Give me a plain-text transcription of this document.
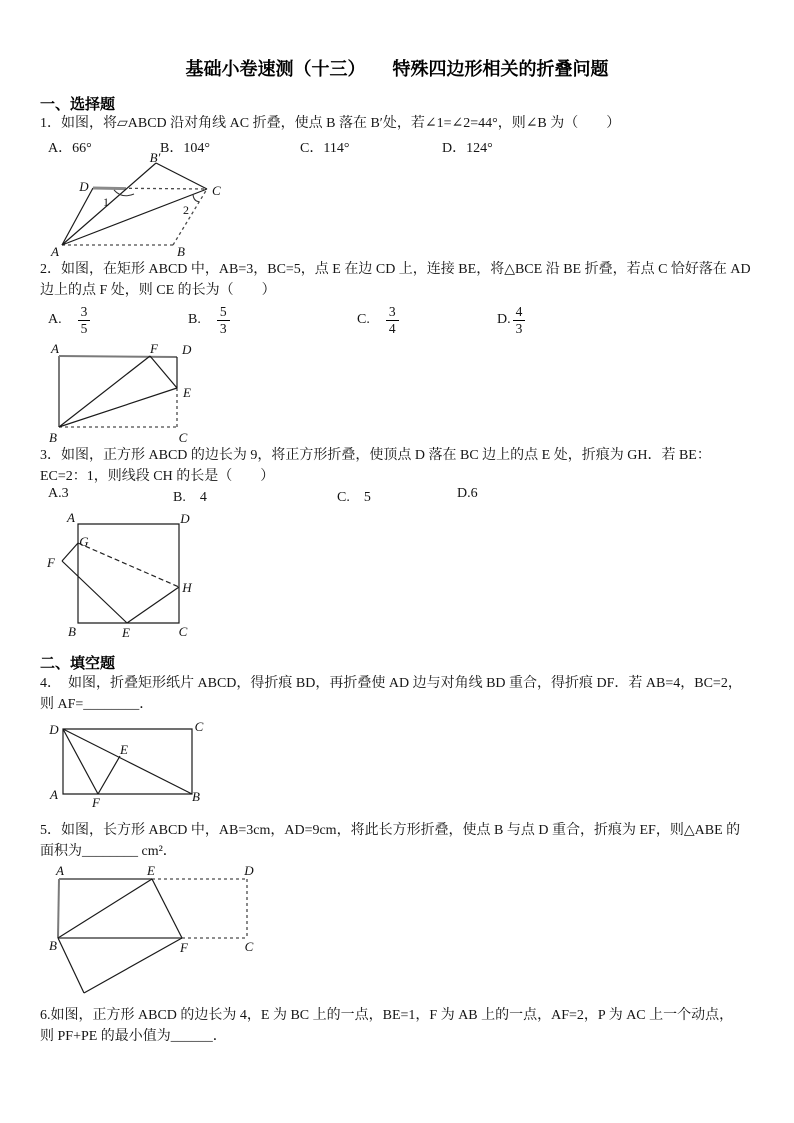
基础小卷速测（十三）　　特殊四边形相关的折叠问题
一、选择题
1．如图，将▱ABCD 沿对角线 AC 折叠，使点 B 落在 B′处，若∠1=∠2=44°，则∠B 为（　　）
A．66°	B．104°	C．114°	D．124°
B′
D	C
A	B
1
2
2．如图，在矩形 ABCD 中，AB=3，BC=5，点 E 在边 CD 上，连接 BE，将△BCE 沿 BE 折叠，若点 C 恰好落在 AD
边上的点 F 处，则 CE 的长为（　　）
A. $\frac{3}{5}$	B. $\frac{5}{3}$	C. $\frac{3}{4}$	D. $\frac{4}{3}$
A	F D
E
B	C
3．如图，正方形 ABCD 的边长为 9，将正方形折叠，使顶点 D 落在 BC 边上的点 E 处，折痕为 GH．若 BE：
EC=2：1，则线段 CH 的长是（　　）
A.3	B.　4	C.　5	D.6
A	D
G
F
H
B	E	C
二、填空题
4．　如图，折叠矩形纸片 ABCD，得折痕 BD，再折叠使 AD 边与对角线 BD 重合，得折痕 DF．若 AB=4，BC=2，
则 AF=________．
D	C
E
A
F	B
5．如图，长方形 ABCD 中，AB=3cm，AD=9cm，将此长方形折叠，使点 B 与点 D 重合，折痕为 EF，则△ABE 的
面积为________ cm²．
A	E	D
B	F	C
6.如图，正方形 ABCD 的边长为 4，E 为 BC 上的一点，BE=1，F 为 AB 上的一点，AF=2，P 为 AC 上一个动点，
则 PF+PE 的最小值为______．
